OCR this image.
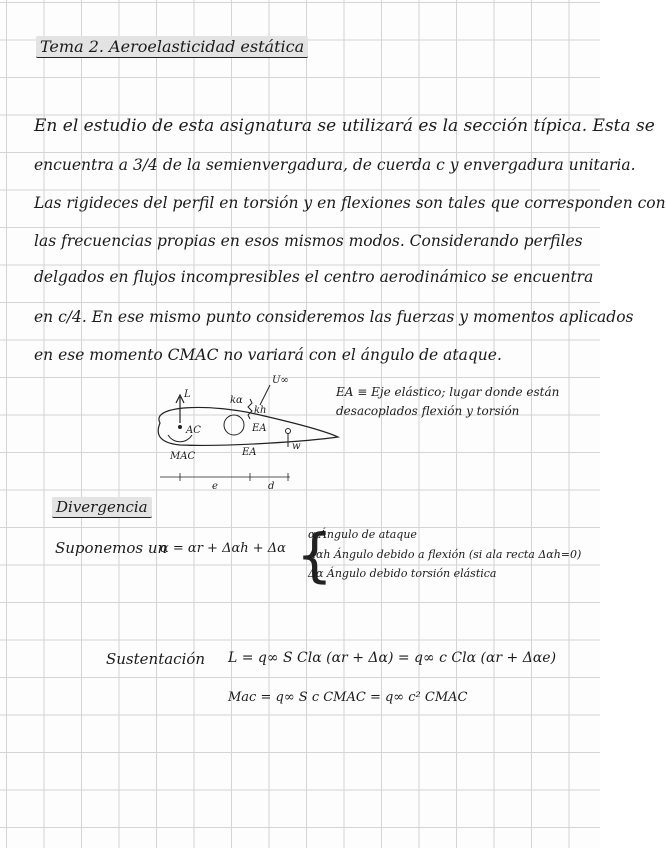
Tema 2. Aeroelasticidad estática
En el estudio de esta asignatura se utilizará es la sección típica. Esta se
encuentra a 3/4 de la semienvergadura, de cuerda c y envergadura unitaria.
Las rigideces del perfil en torsión y en flexiones son tales que corresponden con
las frecuencias propias en esos mismos modos. Considerando perfiles
delgados en flujos incompresibles el centro aerodinámico se encuentra
en c/4. En ese mismo punto consideremos las fuerzas y momentos aplicados
en ese momento CMAC no variará con el ángulo de ataque.
L
AC
MAC
EA
EA
kh
kα
w
U∞
e	d
EA ≡ Eje elástico; lugar donde están
desacoplados flexión y torsión
Divergencia
Suponemos un
α = αr + Δαh + Δα {
α Ángulo de ataque
Δαh Ángulo debido a flexión (si ala recta Δαh=0)
Δα Ángulo debido torsión elástica
Sustentación L = q∞ S Clα (αr + Δα) = q∞ c Clα (αr + Δαe)
Mac = q∞ S c CMAC = q∞ c² CMAC
